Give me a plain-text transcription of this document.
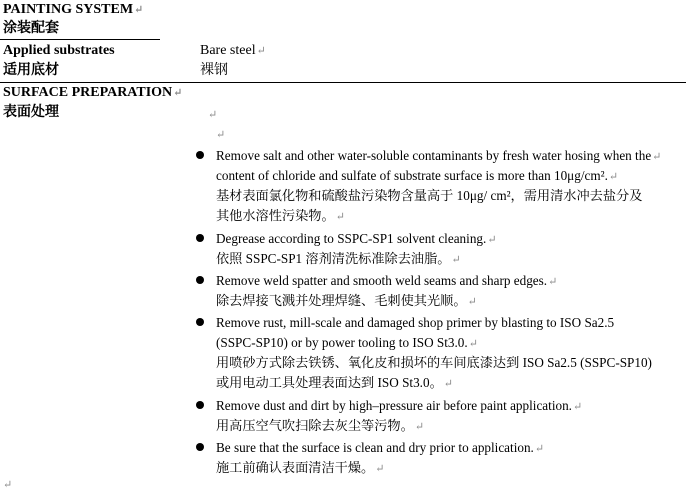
PAINTING SYSTEM↵
涂装配套
Applied substrates
适用底材
Bare steel↵
裸钢
SURFACE PREPARATION↵
表面处理	↵
↵
Remove salt and other water-soluble contaminants by fresh water hosing when the↵
content of chloride and sulfate of substrate surface is more than 10μg/cm².↵
基材表面氯化物和硫酸盐污染物含量高于 10μg/ cm²，需用清水冲去盐分及
其他水溶性污染物。↵
Degrease according to SSPC-SP1 solvent cleaning.↵
依照 SSPC-SP1 溶剂清洗标准除去油脂。↵
Remove weld spatter and smooth weld seams and sharp edges.↵
除去焊接飞溅并处理焊缝、毛刺使其光顺。↵
Remove rust, mill-scale and damaged shop primer by blasting to ISO Sa2.5
(SSPC-SP10) or by power tooling to ISO St3.0.↵
用喷砂方式除去铁锈、氧化皮和损坏的车间底漆达到 ISO Sa2.5 (SSPC-SP10)
或用电动工具处理表面达到 ISO St3.0。↵
Remove dust and dirt by high–pressure air before paint application.↵
用高压空气吹扫除去灰尘等污物。↵
Be sure that the surface is clean and dry prior to application.↵
施工前确认表面清洁干燥。↵
↵
